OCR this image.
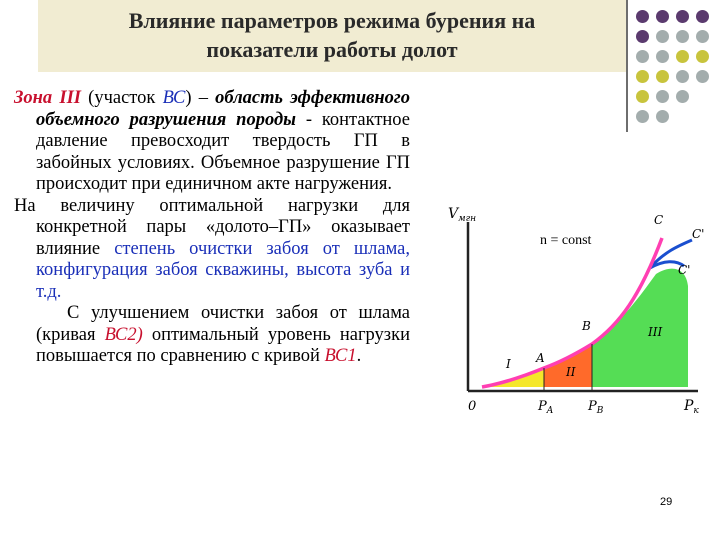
Влияние параметров режима бурения на
показатели работы долот

Зона III (участок ВС) – область эффективного объемного разрушения породы - контактное давление превосходит твердость ГП в забойных условиях. Объемное разрушение ГП происходит при единичном акте нагружения.

На величину оптимальной нагрузки для конкретной пары «долото–ГП» оказывает влияние степень очистки забоя от шлама, конфигурация забоя скважины, высота зуба и т.д.

С улучшением очистки забоя от шлама (кривая ВС2) оптимальный уровень нагрузки повышается по сравнению с кривой ВС1.

$V_{мгн}$
$P_к$
0	$P_A$	$P_B$
A
B
C
C'
C'
I
II
III
n = const
29
